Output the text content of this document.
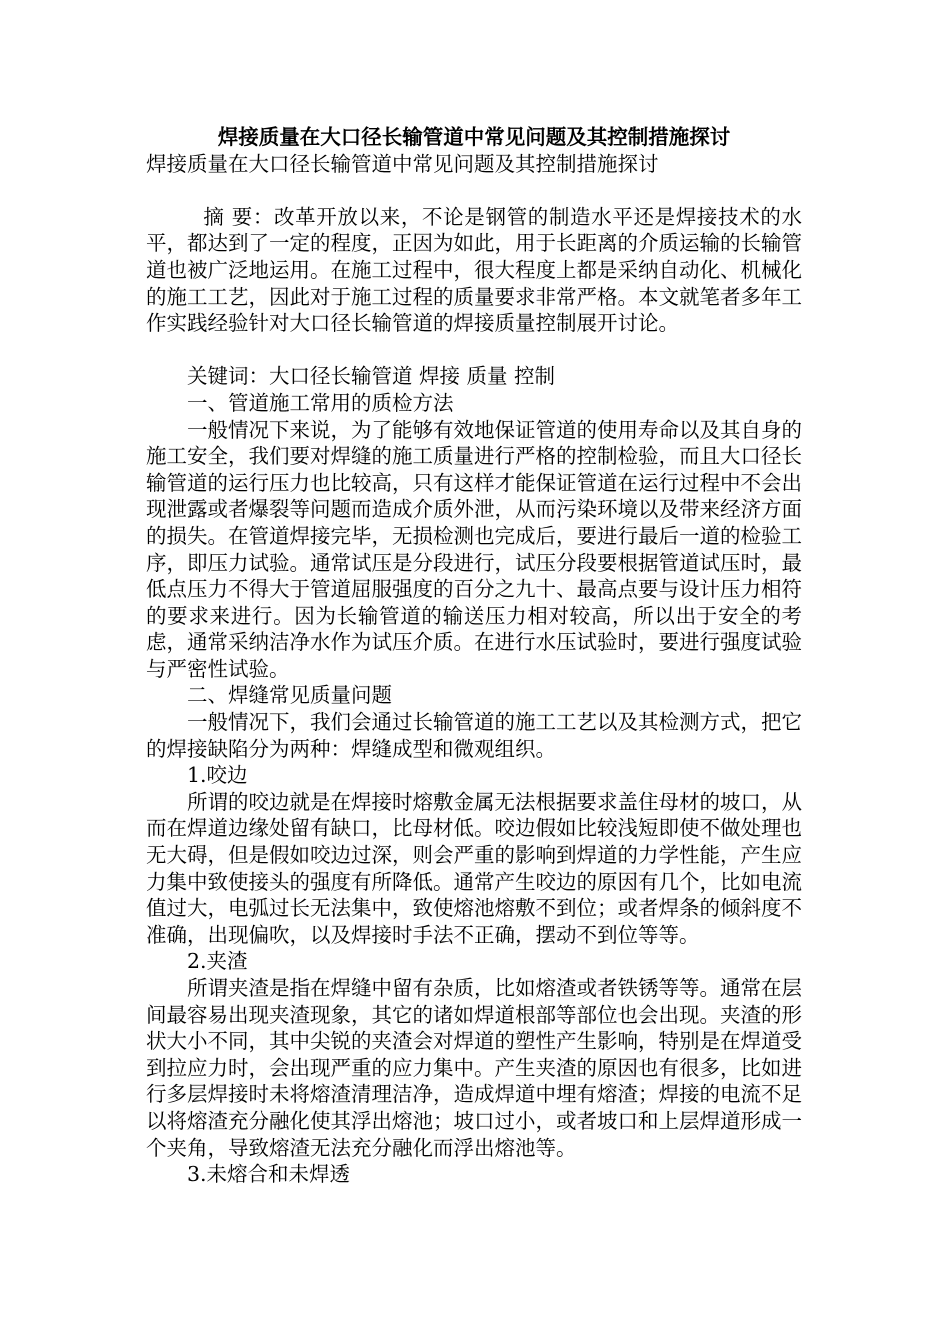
焊接质量在大口径长输管道中常见问题及其控制措施探讨

焊接质量在大口径长输管道中常见问题及其控制措施探讨

摘 要：改革开放以来，不论是钢管的制造水平还是焊接技术的水平，都达到了一定的程度，正因为如此，用于长距离的介质运输的长输管道也被广泛地运用。在施工过程中，很大程度上都是采纳自动化、机械化的施工工艺，因此对于施工过程的质量要求非常严格。本文就笔者多年工作实践经验针对大口径长输管道的焊接质量控制展开讨论。

关键词：大口径长输管道 焊接 质量 控制

一、管道施工常用的质检方法

一般情况下来说，为了能够有效地保证管道的使用寿命以及其自身的施工安全，我们要对焊缝的施工质量进行严格的控制检验，而且大口径长输管道的运行压力也比较高，只有这样才能保证管道在运行过程中不会出现泄露或者爆裂等问题而造成介质外泄，从而污染环境以及带来经济方面的损失。在管道焊接完毕，无损检测也完成后，要进行最后一道的检验工序，即压力试验。通常试压是分段进行，试压分段要根据管道试压时，最低点压力不得大于管道屈服强度的百分之九十、最高点要与设计压力相符的要求来进行。因为长输管道的输送压力相对较高，所以出于安全的考虑，通常采纳洁净水作为试压介质。在进行水压试验时，要进行强度试验与严密性试验。

二、焊缝常见质量问题

一般情况下，我们会通过长输管道的施工工艺以及其检测方式，把它的焊接缺陷分为两种：焊缝成型和微观组织。

1.咬边

所谓的咬边就是在焊接时熔敷金属无法根据要求盖住母材的坡口，从而在焊道边缘处留有缺口，比母材低。咬边假如比较浅短即使不做处理也无大碍，但是假如咬边过深，则会严重的影响到焊道的力学性能，产生应力集中致使接头的强度有所降低。通常产生咬边的原因有几个，比如电流值过大，电弧过长无法集中，致使熔池熔敷不到位；或者焊条的倾斜度不准确，出现偏吹，以及焊接时手法不正确，摆动不到位等等。

2.夹渣

所谓夹渣是指在焊缝中留有杂质，比如熔渣或者铁锈等等。通常在层间最容易出现夹渣现象，其它的诸如焊道根部等部位也会出现。夹渣的形状大小不同，其中尖锐的夹渣会对焊道的塑性产生影响，特别是在焊道受到拉应力时，会出现严重的应力集中。产生夹渣的原因也有很多，比如进行多层焊接时未将熔渣清理洁净，造成焊道中埋有熔渣；焊接的电流不足以将熔渣充分融化使其浮出熔池；坡口过小，或者坡口和上层焊道形成一个夹角，导致熔渣无法充分融化而浮出熔池等。

3.未熔合和未焊透
